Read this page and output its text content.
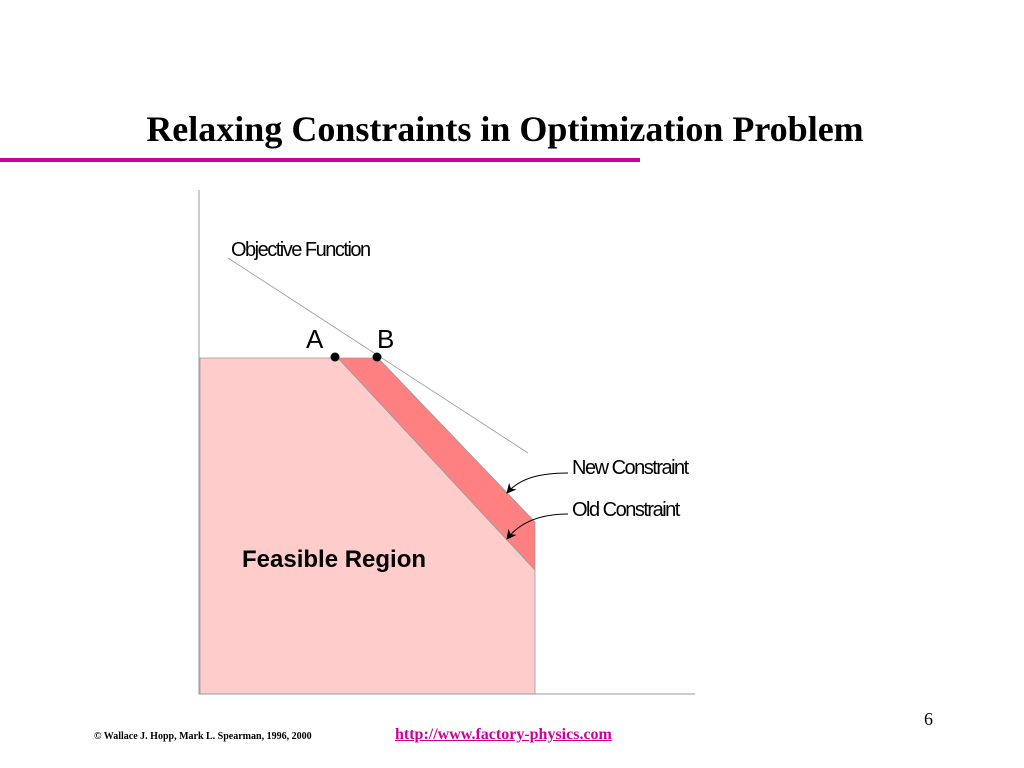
Relaxing Constraints in Optimization Problem
Objective Function
A B
New Constraint
Old Constraint
Feasible Region
© Wallace J. Hopp, Mark L. Spearman, 1996, 2000	http://www.factory-physics.com
6
